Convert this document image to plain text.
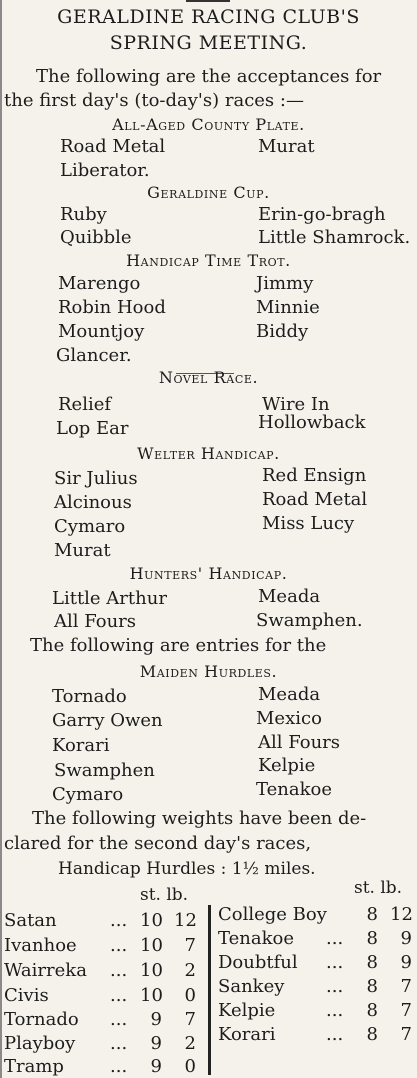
GERALDINE RACING CLUB'S
SPRING MEETING.
The following are the acceptances for
the first day's (to-day's) races :—
All-Aged County Plate.
Road Metal	Murat
Liberator.
Geraldine Cup.
Ruby	Erin-go-bragh
Quibble	Little Shamrock.
Handicap Time Trot.
Marengo	Jimmy
Robin Hood	Minnie
Mountjoy	Biddy
Glancer.
Novel Race.
Relief	Wire In
Lop Ear	Hollowback
Welter Handicap.
Sir Julius	Red Ensign
Alcinous	Road Metal
Cymaro	Miss Lucy
Murat
Hunters' Handicap.
Little Arthur	Meada
All Fours	Swamphen.
The following are entries for the
Maiden Hurdles.
Tornado	Meada
Garry Owen	Mexico
Korari	All Fours
Swamphen	Kelpie
Cymaro	Tenakoe
The following weights have been de-
clared for the second day's races,
Handicap Hurdles : 1½ miles.
st. lb.	st. lb.
Satan	... 10 12
Ivanhoe ... 10	7
Wairreka ... 10	2
Civis	... 10	0
Tornado ...	9	7
Playboy ...	9	2
Tramp	...	9	0
College Boy	8 12
Tenakoe ...	8	9
Doubtful ...	8	9
Sankey ...	8	7
Kelpie	...	8	7
Korari	...	8	7
